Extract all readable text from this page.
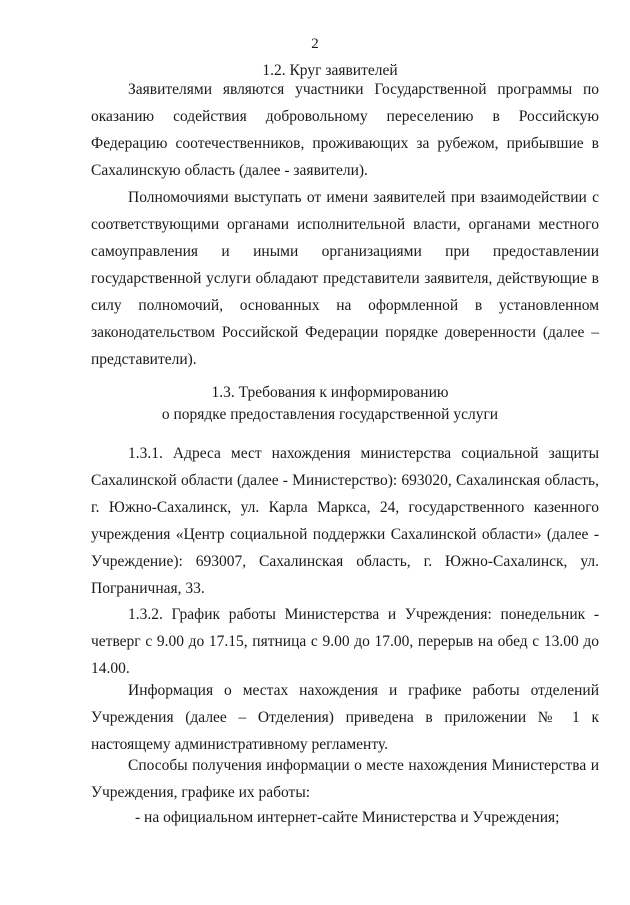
2
1.2. Круг заявителей

Заявителями являются участники Государственной программы по оказанию содействия добровольному переселению в Российскую Федерацию соотечественников, проживающих за рубежом, прибывшие в Сахалинскую область (далее - заявители).

Полномочиями выступать от имени заявителей при взаимодействии с соответствующими органами исполнительной власти, органами местного самоуправления и иными организациями при предоставлении государственной услуги обладают представители заявителя, действующие в силу полномочий, основанных на оформленной в установленном законодательством Российской Федерации порядке доверенности (далее – представители).

1.3. Требования к информированию
о порядке предоставления государственной услуги

1.3.1. Адреса мест нахождения министерства социальной защиты Сахалинской области (далее - Министерство): 693020, Сахалинская область, г. Южно-Сахалинск, ул. Карла Маркса, 24, государственного казенного учреждения «Центр социальной поддержки Сахалинской области» (далее - Учреждение): 693007, Сахалинская область, г. Южно-Сахалинск, ул. Пограничная, 33.

1.3.2. График работы Министерства и Учреждения: понедельник - четверг с 9.00 до 17.15, пятница с 9.00 до 17.00, перерыв на обед с 13.00 до 14.00.

Информация о местах нахождения и графике работы отделений Учреждения (далее – Отделения) приведена в приложении № 1 к настоящему административному регламенту.

Способы получения информации о месте нахождения Министерства и Учреждения, графике их работы:

- на официальном интернет-сайте Министерства и Учреждения;
